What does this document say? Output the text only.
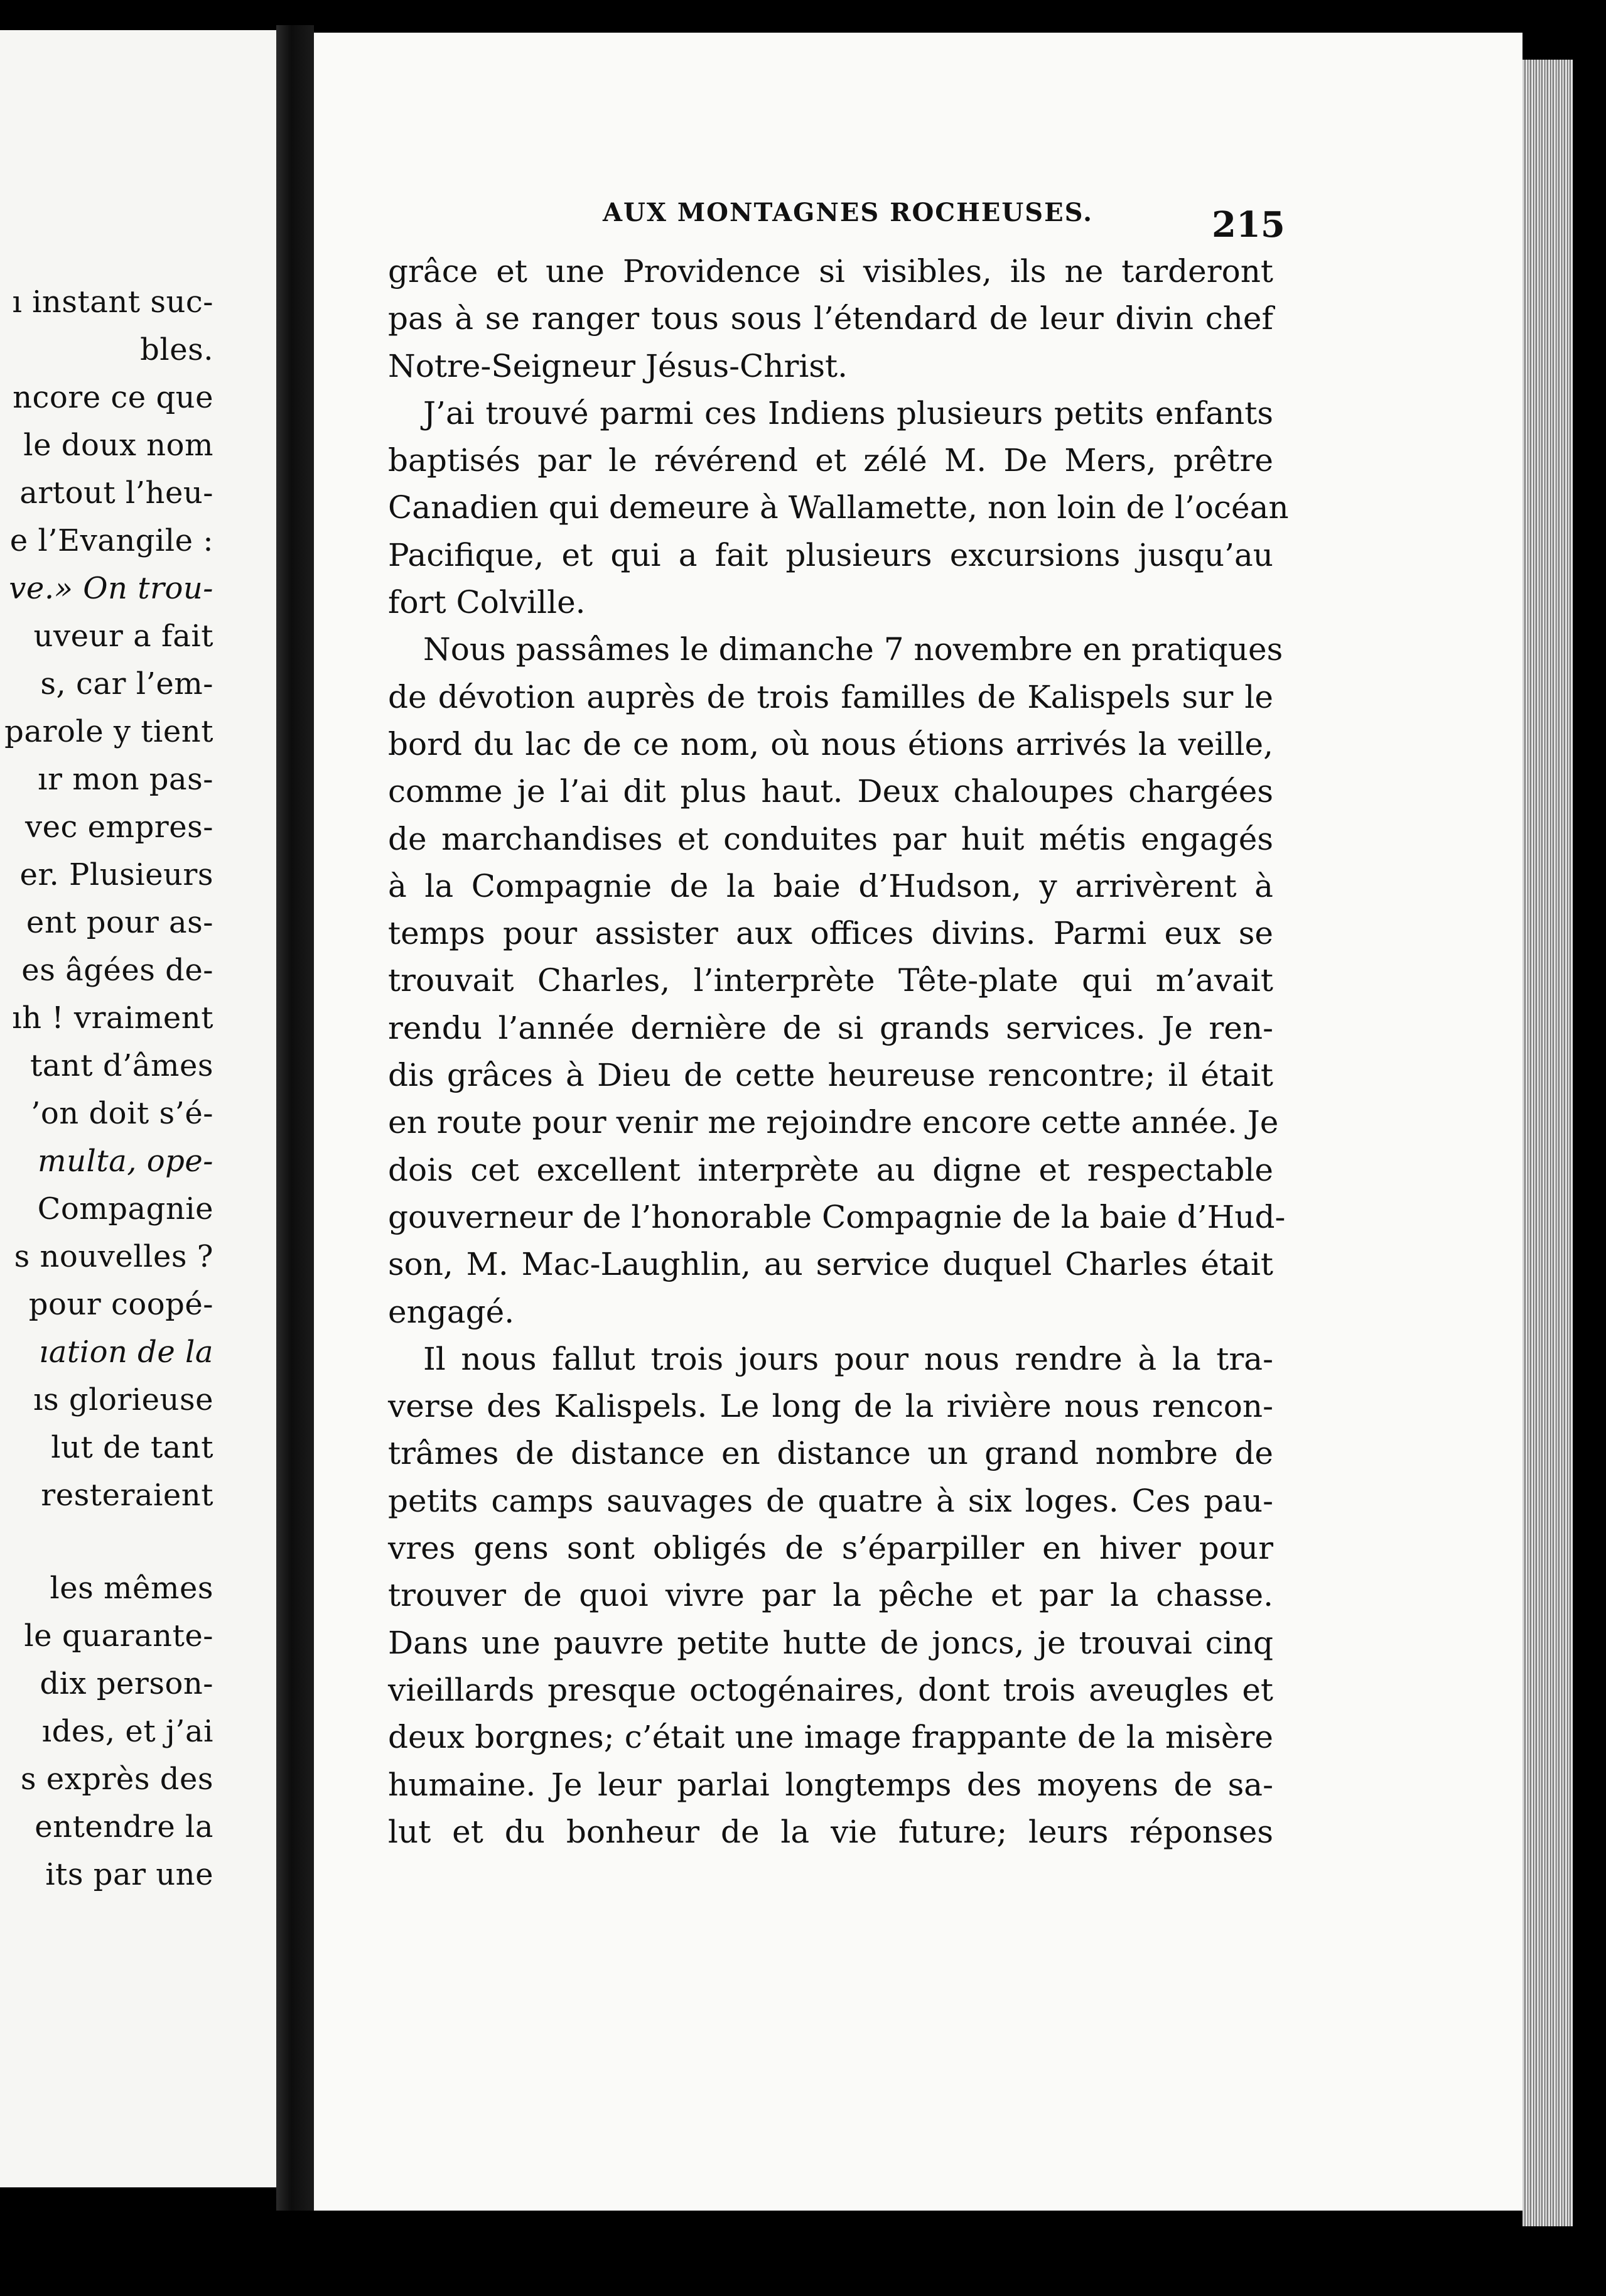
ı instant suc-
bles.
ncore ce que
le doux nom
artout l’heu-
e l’Evangile :
ve.» On trou-
uveur a fait
s, car l’em-
parole y tient
ır mon pas-
vec empres-
er. Plusieurs
ent pour as-
es âgées de-
ıh ! vraiment
tant d’âmes
’on doit s’é-
multa, ope-
Compagnie
s nouvelles ?
pour coopé-
ıation de la
ıs glorieuse
lut de tant
resteraient
les mêmes
le quarante-
dix person-
ıdes, et j’ai
s exprès des
entendre la
its par une
AUX MONTAGNES ROCHEUSES.	215
grâce et une Providence si visibles, ils ne tarderont
pas à se ranger tous sous l’étendard de leur divin chef
Notre-Seigneur Jésus-Christ.
J’ai trouvé parmi ces Indiens plusieurs petits enfants
baptisés par le révérend et zélé M. De Mers, prêtre
Canadien qui demeure à Wallamette, non loin de l’océan
Pacifique, et qui a fait plusieurs excursions jusqu’au
fort Colville.
Nous passâmes le dimanche 7 novembre en pratiques
de dévotion auprès de trois familles de Kalispels sur le
bord du lac de ce nom, où nous étions arrivés la veille,
comme je l’ai dit plus haut. Deux chaloupes chargées
de marchandises et conduites par huit métis engagés
à la Compagnie de la baie d’Hudson, y arrivèrent à
temps pour assister aux offices divins. Parmi eux se
trouvait Charles, l’interprète Tête-plate qui m’avait
rendu l’année dernière de si grands services. Je ren-
dis grâces à Dieu de cette heureuse rencontre; il était
en route pour venir me rejoindre encore cette année. Je
dois cet excellent interprète au digne et respectable
gouverneur de l’honorable Compagnie de la baie d’Hud-
son, M. Mac-Laughlin, au service duquel Charles était
engagé.
Il nous fallut trois jours pour nous rendre à la tra-
verse des Kalispels. Le long de la rivière nous rencon-
trâmes de distance en distance un grand nombre de
petits camps sauvages de quatre à six loges. Ces pau-
vres gens sont obligés de s’éparpiller en hiver pour
trouver de quoi vivre par la pêche et par la chasse.
Dans une pauvre petite hutte de joncs, je trouvai cinq
vieillards presque octogénaires, dont trois aveugles et
deux borgnes; c’était une image frappante de la misère
humaine. Je leur parlai longtemps des moyens de sa-
lut et du bonheur de la vie future; leurs réponses
